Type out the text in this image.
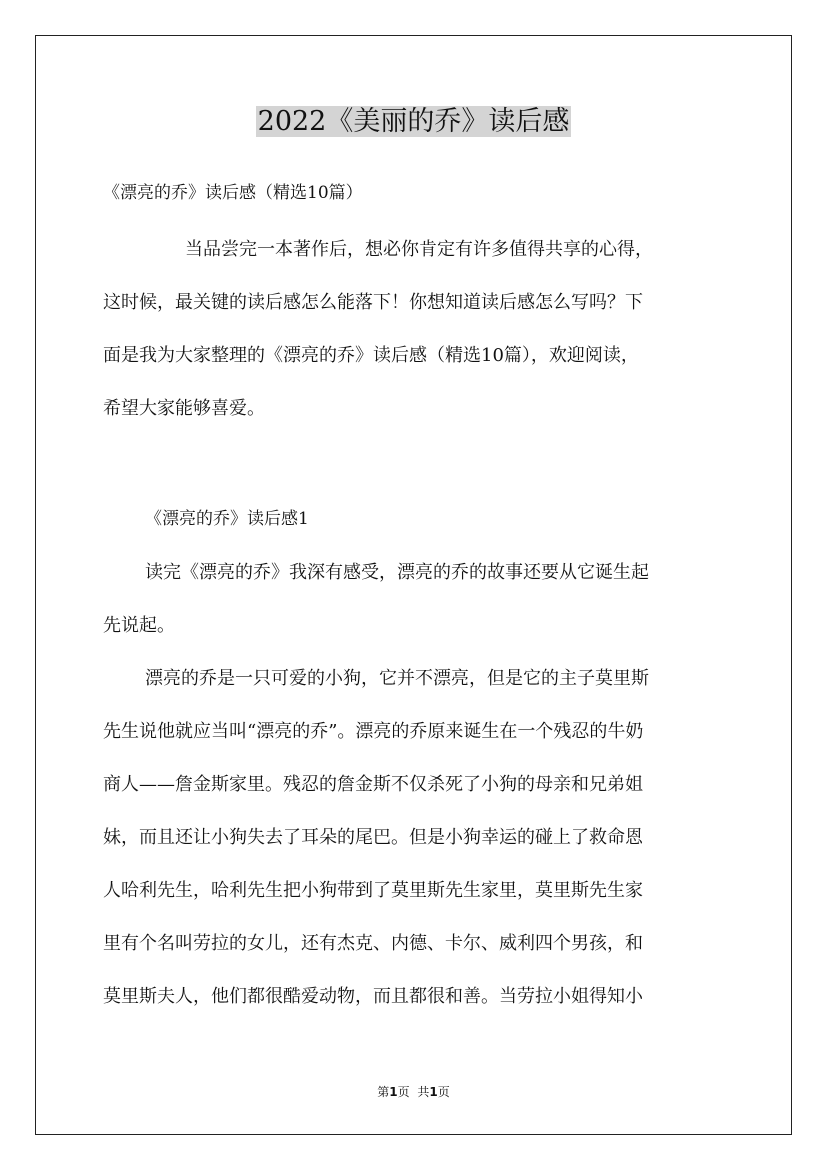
2022《美丽的乔》读后感
《漂亮的乔》读后感（精选10篇）
当品尝完一本著作后，想必你肯定有许多值得共享的心得，
这时候，最关键的读后感怎么能落下！你想知道读后感怎么写吗？下
面是我为大家整理的《漂亮的乔》读后感（精选10篇），欢迎阅读，
希望大家能够喜爱。
《漂亮的乔》读后感1
读完《漂亮的乔》我深有感受，漂亮的乔的故事还要从它诞生起
先说起。
漂亮的乔是一只可爱的小狗，它并不漂亮，但是它的主子莫里斯
先生说他就应当叫“漂亮的乔”。漂亮的乔原来诞生在一个残忍的牛奶
商人——詹金斯家里。残忍的詹金斯不仅杀死了小狗的母亲和兄弟姐
妹，而且还让小狗失去了耳朵的尾巴。但是小狗幸运的碰上了救命恩
人哈利先生，哈利先生把小狗带到了莫里斯先生家里，莫里斯先生家
里有个名叫劳拉的女儿，还有杰克、内德、卡尔、威利四个男孩，和
莫里斯夫人，他们都很酷爱动物，而且都很和善。当劳拉小姐得知小
第1页 共1页
